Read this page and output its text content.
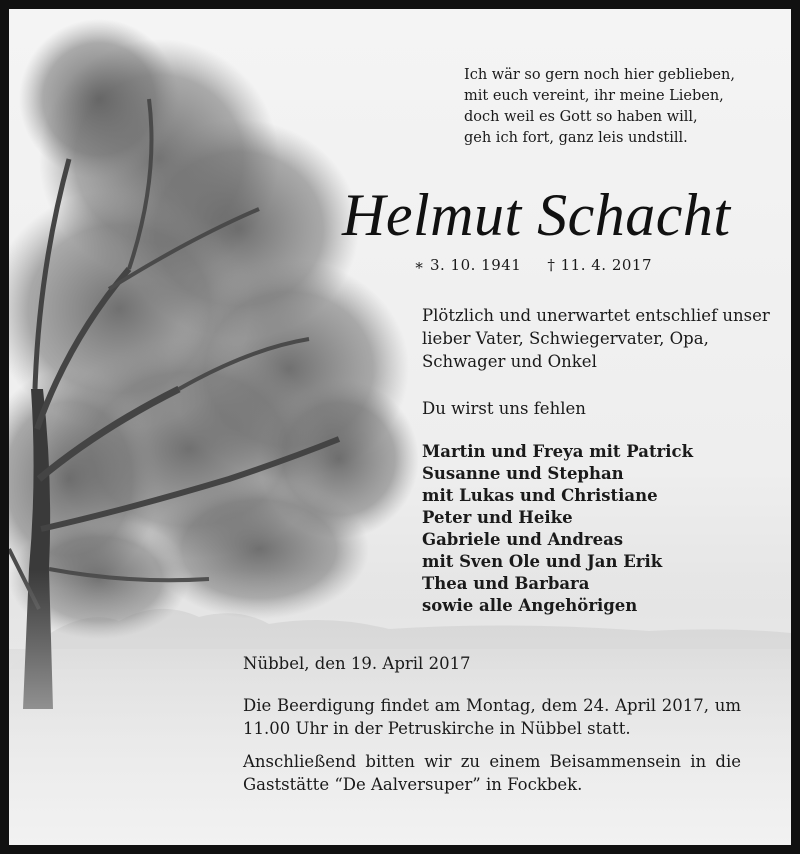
Ich wär so gern noch hier geblieben,
mit euch vereint, ihr meine Lieben,
doch weil es Gott so haben will,
geh ich fort, ganz leis undstill.
Helmut Schacht
∗ 3. 10. 1941 † 11. 4. 2017
Plötzlich und unerwartet entschlief unser lieber Vater, Schwiegervater, Opa, Schwager und Onkel
Du wirst uns fehlen
Martin und Freya mit Patrick
Susanne und Stephan
mit Lukas und Christiane
Peter und Heike
Gabriele und Andreas
mit Sven Ole und Jan Erik
Thea und Barbara
sowie alle Angehörigen
Nübbel, den 19. April 2017
Die Beerdigung findet am Montag, dem 24. April 2017, um 11.00 Uhr in der Petruskirche in Nübbel statt.
Anschließend bitten wir zu einem Beisammensein in die Gaststätte “De Aalversuper” in Fockbek.
